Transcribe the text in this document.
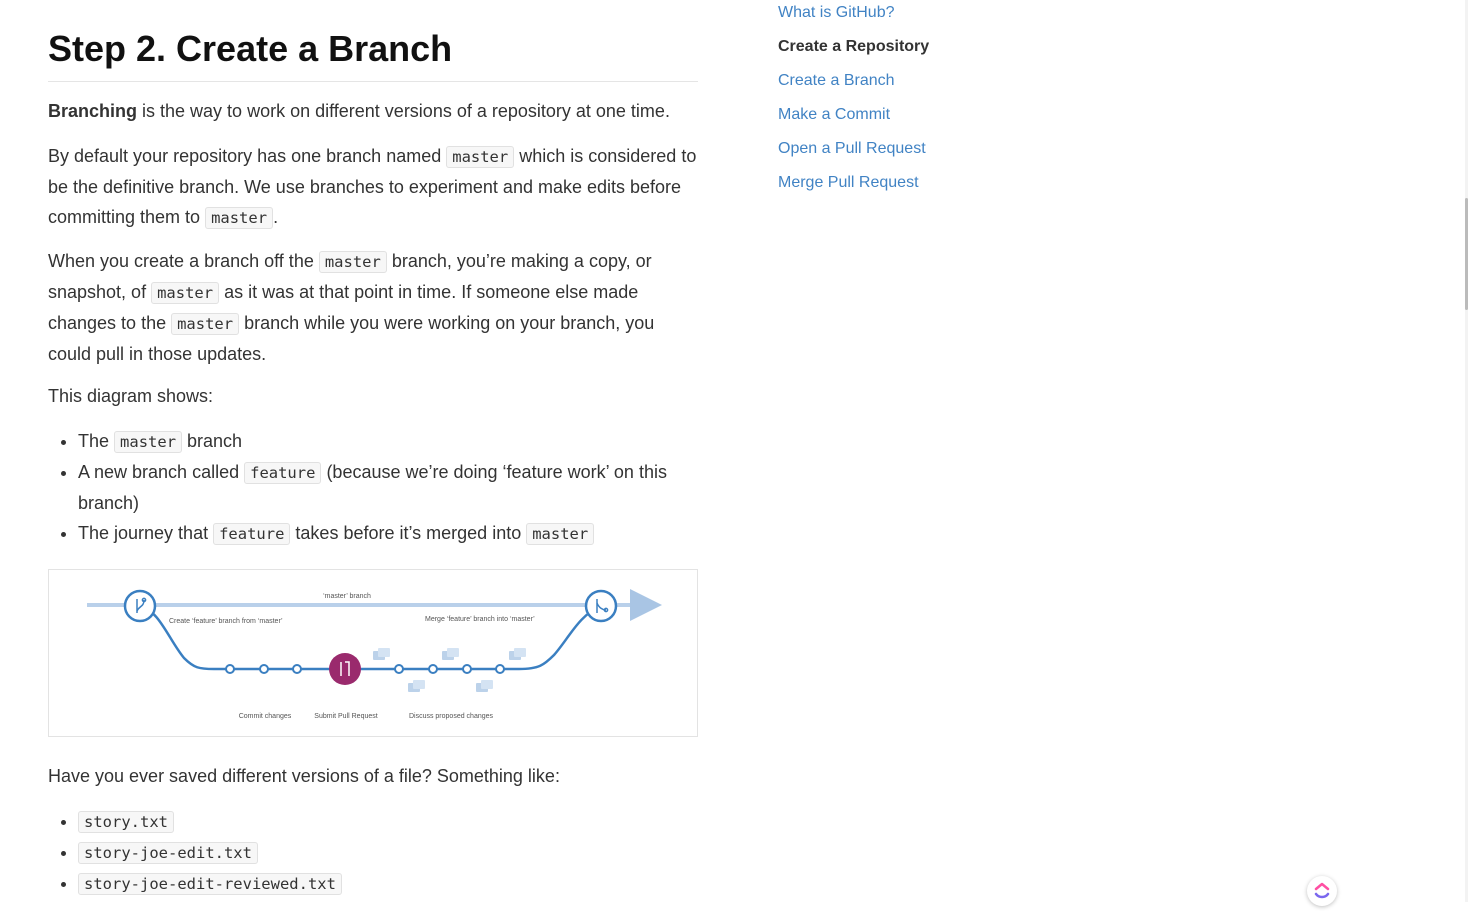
Step 2. Create a Branch

Branching is the way to work on different versions of a repository at one time.

By default your repository has one branch named master which is considered to be the definitive branch. We use branches to experiment and make edits before committing them to master .

When you create a branch off the master branch, you’re making a copy, or snapshot, of master as it was at that point in time. If someone else made changes to the master branch while you were working on your branch, you could pull in those updates.

This diagram shows:

• The master branch
• A new branch called feature (because we’re doing ‘feature work’ on this branch)
• The journey that feature takes before it’s merged into master
‘master’ branch
Create ‘feature’ branch from ‘master’	Merge ‘feature’ branch into ‘master’
Commit changes	Submit Pull Request	Discuss proposed changes

Have you ever saved different versions of a file? Something like:

• story.txt
• story-joe-edit.txt
• story-joe-edit-reviewed.txt
What is GitHub?
Create a Repository
Create a Branch
Make a Commit
Open a Pull Request
Merge Pull Request
